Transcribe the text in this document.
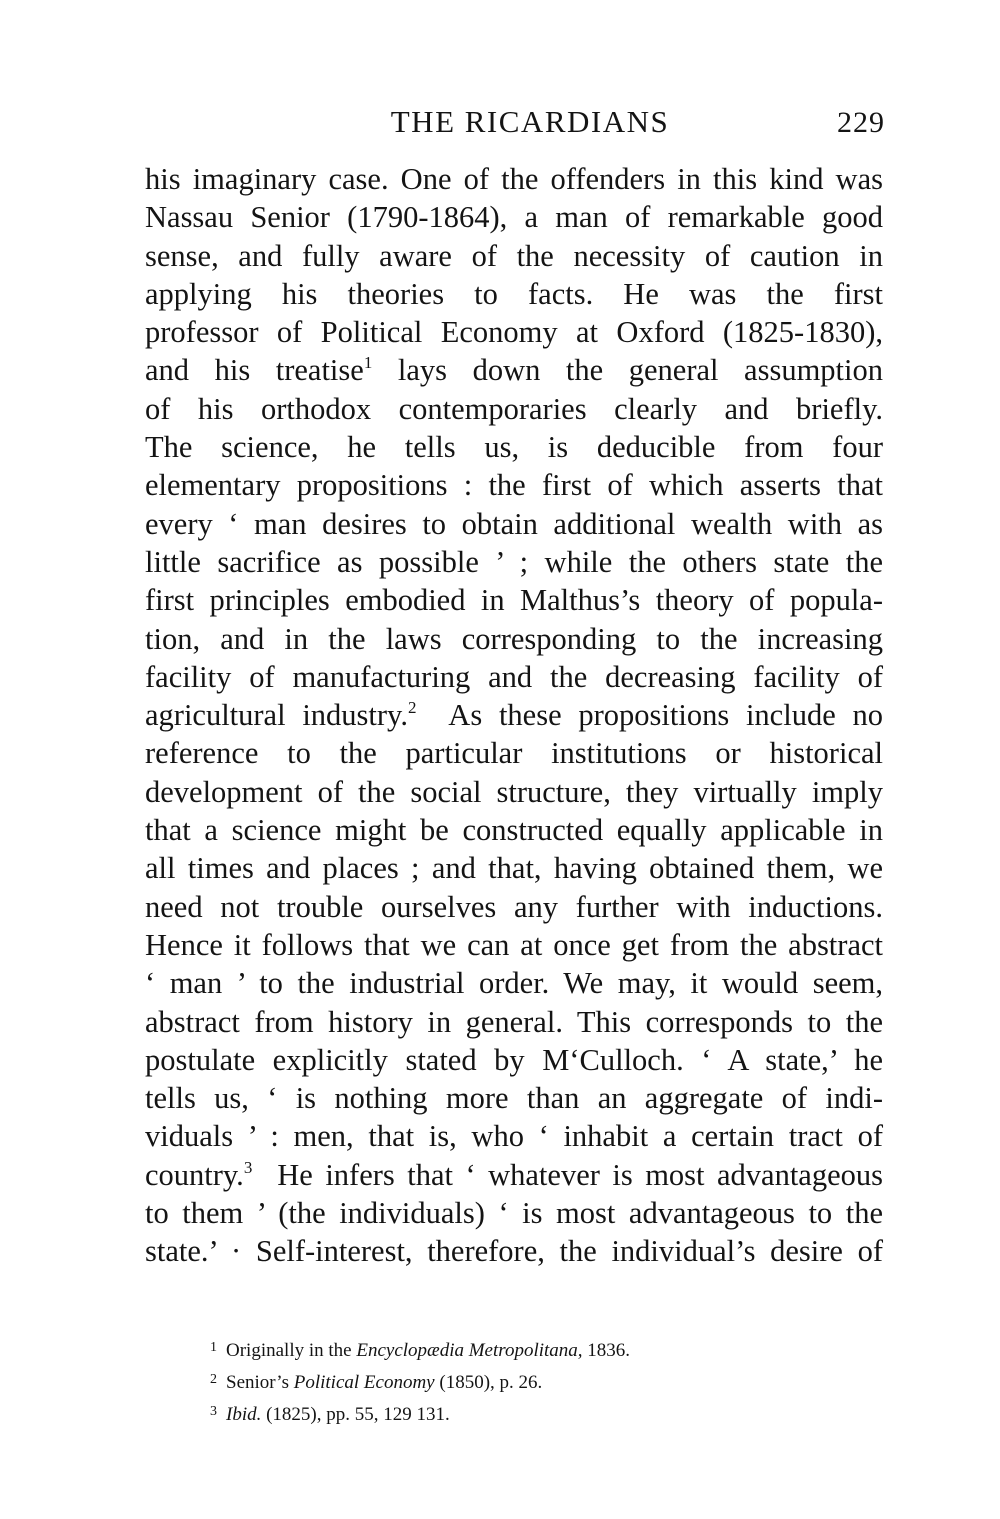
THE RICARDIANS	229
his imaginary case. One of the offenders in this kind was
Nassau Senior (1790-1864), a man of remarkable good
sense, and fully aware of the necessity of caution in
applying his theories to facts. He was the first
professor of Political Economy at Oxford (1825-1830),
and his treatise$^1$ lays down the general assumption
of his orthodox contemporaries clearly and briefly.
The science, he tells us, is deducible from four
elementary propositions : the first of which asserts that
every ‘ man desires to obtain additional wealth with as
little sacrifice as possible ’ ; while the others state the
first principles embodied in Malthus’s theory of popula-
tion, and in the laws corresponding to the increasing
facility of manufacturing and the decreasing facility of
agricultural industry.$^2$ As these propositions include no
reference to the particular institutions or historical
development of the social structure, they virtually imply
that a science might be constructed equally applicable in
all times and places ; and that, having obtained them, we
need not trouble ourselves any further with inductions.
Hence it follows that we can at once get from the abstract
‘ man ’ to the industrial order. We may, it would seem,
abstract from history in general. This corresponds to the
postulate explicitly stated by M‘Culloch. ‘ A state,’ he
tells us, ‘ is nothing more than an aggregate of indi-
viduals ’ : men, that is, who ‘ inhabit a certain tract of
country.$^3$ He infers that ‘ whatever is most advantageous
to them ’ (the individuals) ‘ is most advantageous to the
state.’ · Self-interest, therefore, the individual’s desire of
1 Originally in the Encyclopædia Metropolitana, 1836.
2 Senior’s Political Economy (1850), p. 26.
3 Ibid. (1825), pp. 55, 129 131.
